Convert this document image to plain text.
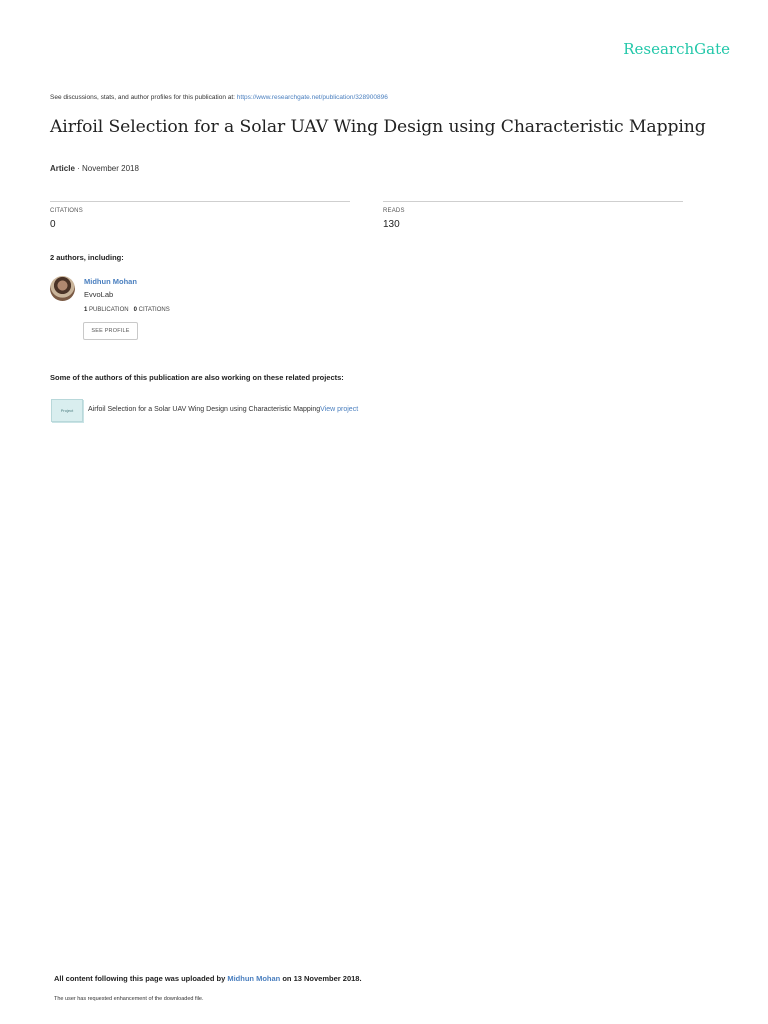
ResearchGate
See discussions, stats, and author profiles for this publication at: https://www.researchgate.net/publication/328900896
Airfoil Selection for a Solar UAV Wing Design using Characteristic Mapping
Article · November 2018
CITATIONS
0
READS
130
2 authors, including:
Midhun Mohan
EvvoLab
1 PUBLICATION 0 CITATIONS
SEE PROFILE
Some of the authors of this publication are also working on these related projects:
Project	Airfoil Selection for a Solar UAV Wing Design using Characteristic MappingView project
All content following this page was uploaded by Midhun Mohan on 13 November 2018.
The user has requested enhancement of the downloaded file.
